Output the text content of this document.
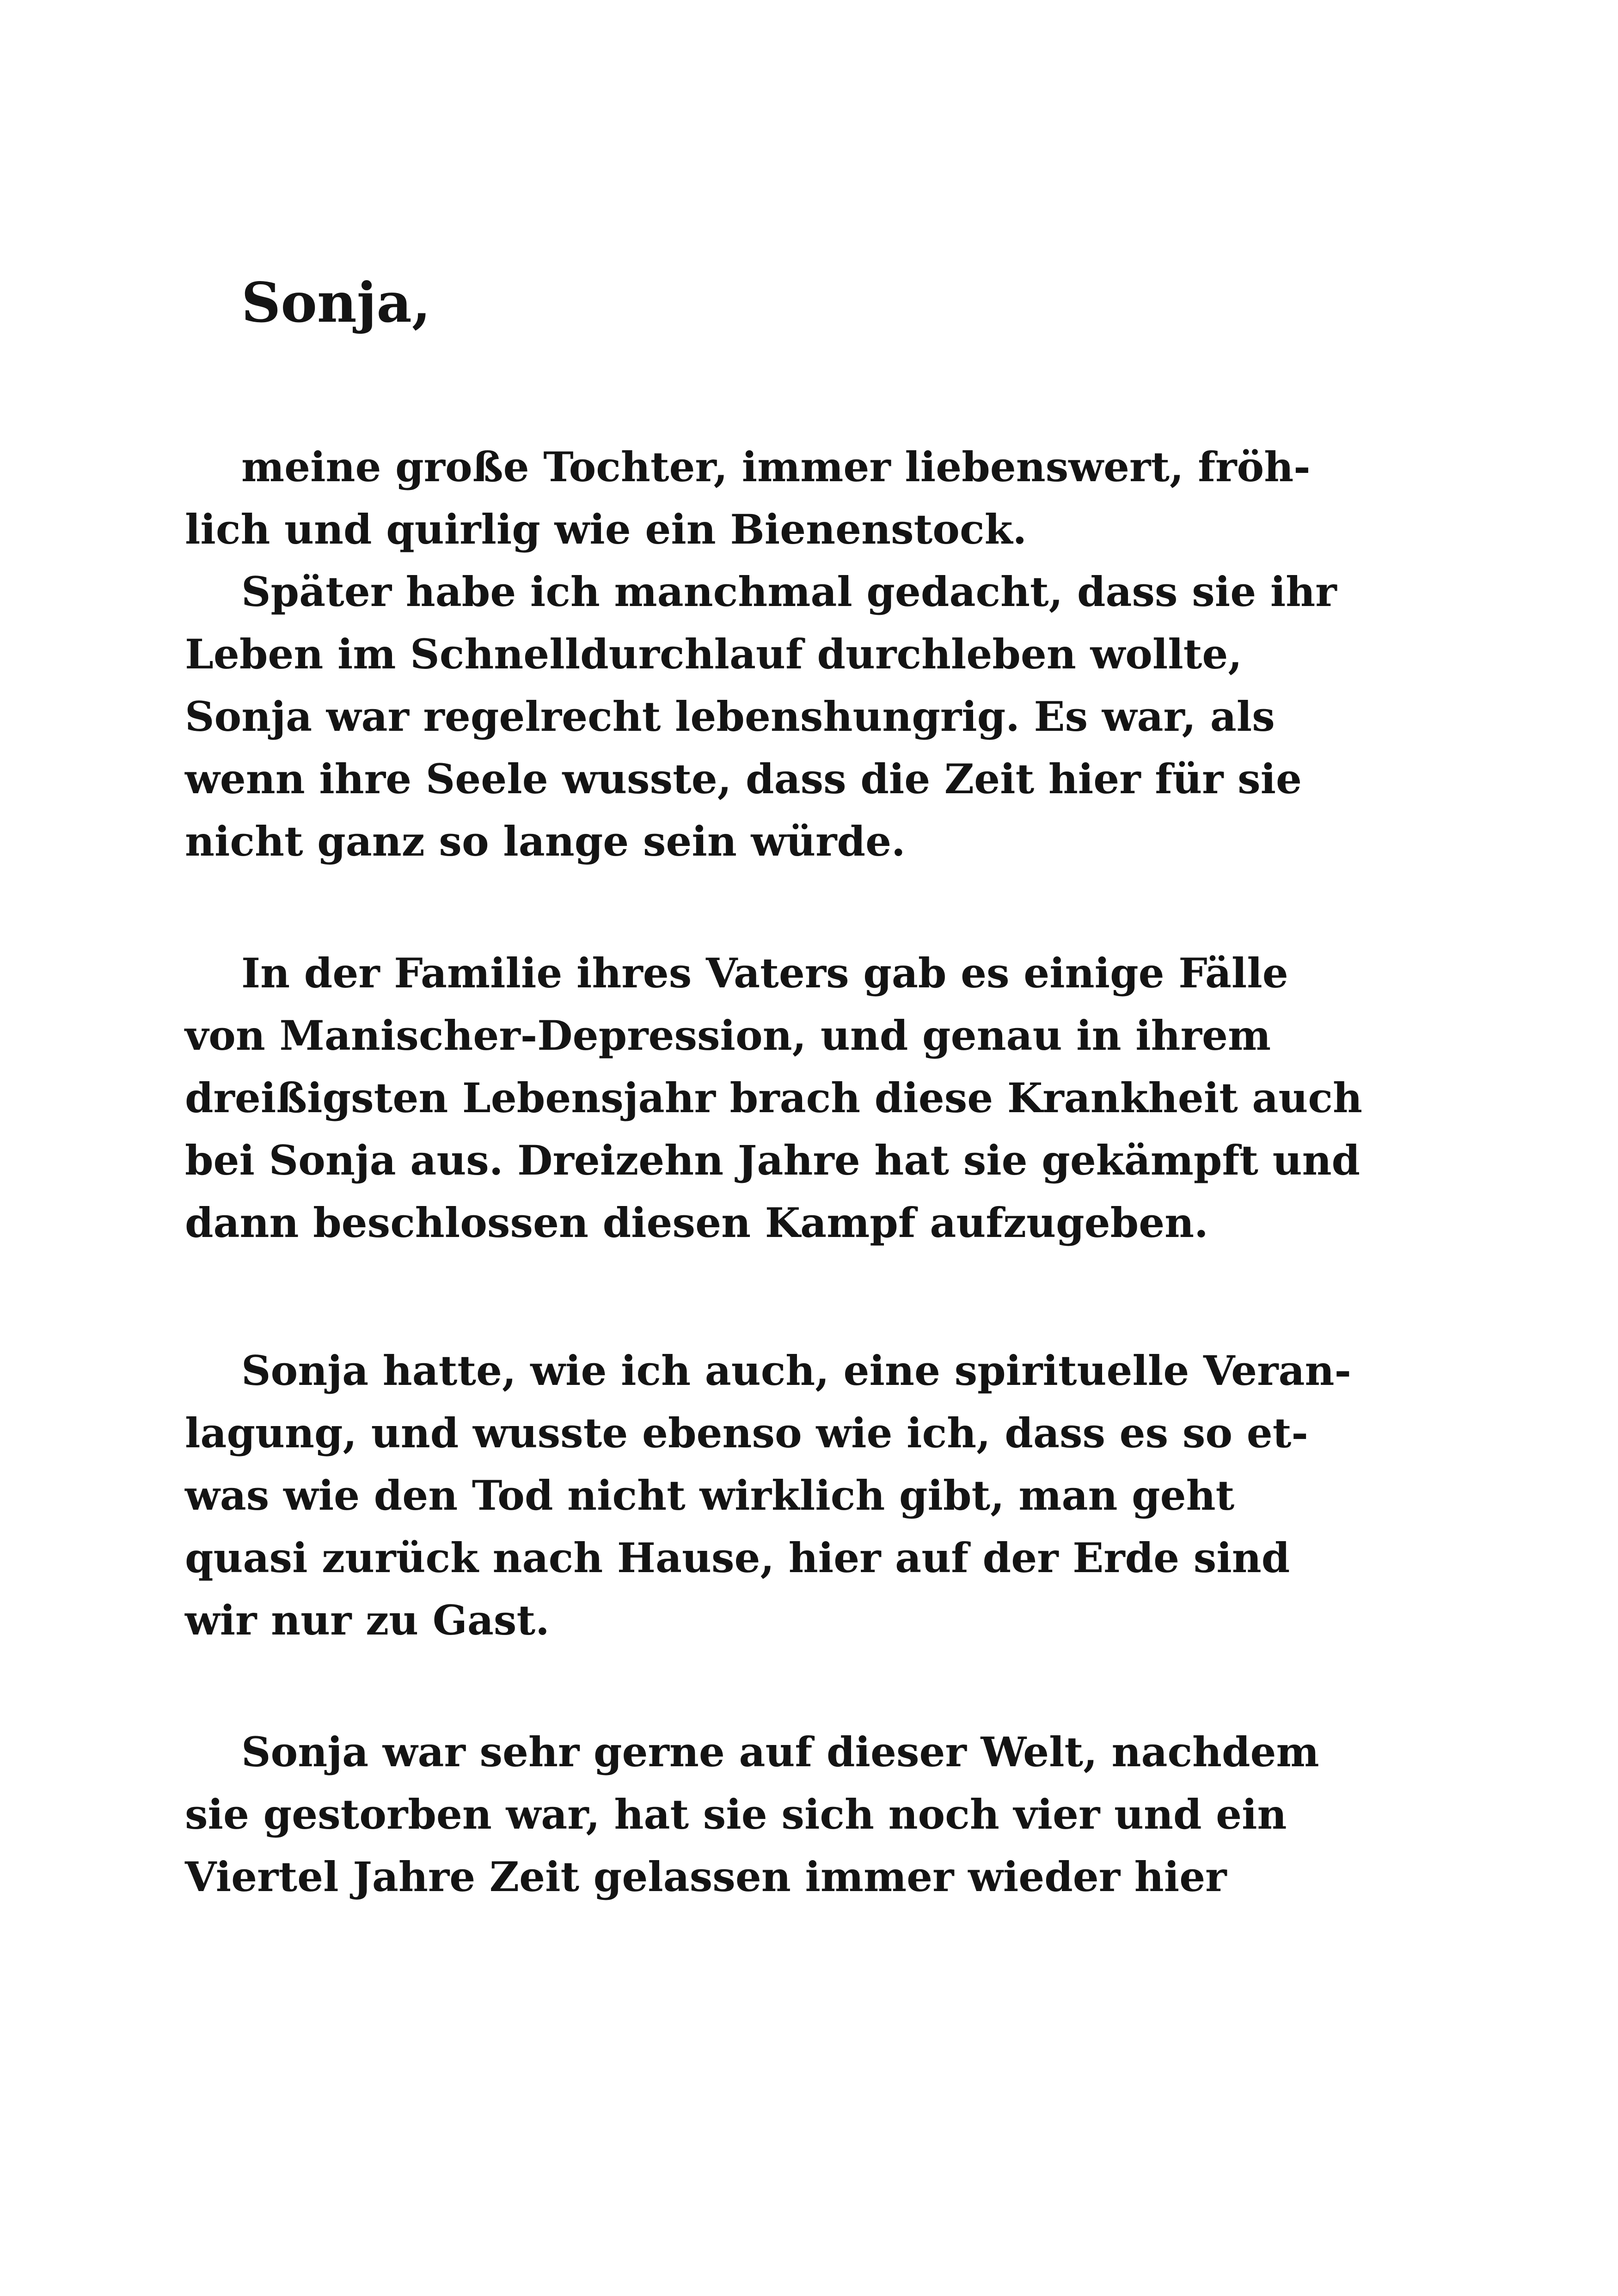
Sonja,

meine große Tochter, immer liebenswert, fröh-

lich und quirlig wie ein Bienenstock.

Später habe ich manchmal gedacht, dass sie ihr

Leben im Schnelldurchlauf durchleben wollte,

Sonja war regelrecht lebenshungrig. Es war, als

wenn ihre Seele wusste, dass die Zeit hier für sie

nicht ganz so lange sein würde.

In der Familie ihres Vaters gab es einige Fälle

von Manischer-Depression, und genau in ihrem

dreißigsten Lebensjahr brach diese Krankheit auch

bei Sonja aus. Dreizehn Jahre hat sie gekämpft und

dann beschlossen diesen Kampf aufzugeben.

Sonja hatte, wie ich auch, eine spirituelle Veran-

lagung, und wusste ebenso wie ich, dass es so et-

was wie den Tod nicht wirklich gibt, man geht

quasi zurück nach Hause, hier auf der Erde sind

wir nur zu Gast.

Sonja war sehr gerne auf dieser Welt, nachdem

sie gestorben war, hat sie sich noch vier und ein

Viertel Jahre Zeit gelassen immer wieder hier
